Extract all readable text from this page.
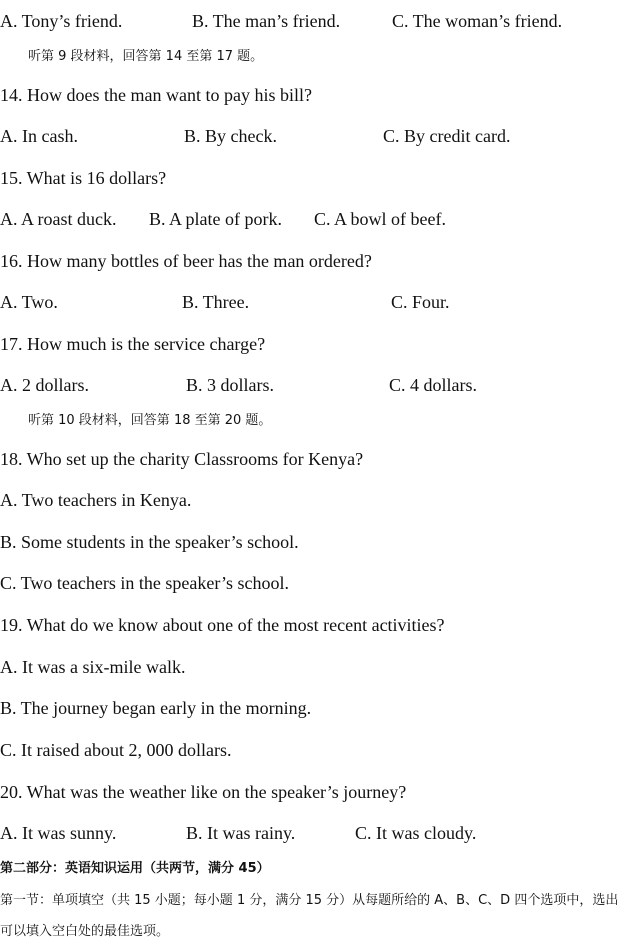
A. Tony’s friend.	B. The man’s friend.	C. The woman’s friend.
听第 9 段材料，回答第 14 至第 17 题。
14. How does the man want to pay his bill?
A. In cash.	B. By check.	C. By credit card.
15. What is 16 dollars?
A. A roast duck. B. A plate of pork. C. A bowl of beef.
16. How many bottles of beer has the man ordered?
A. Two.	B. Three.	C. Four.
17. How much is the service charge?
A. 2 dollars.	B. 3 dollars.	C. 4 dollars.
听第 10 段材料，回答第 18 至第 20 题。
18. Who set up the charity Classrooms for Kenya?
A. Two teachers in Kenya.
B. Some students in the speaker’s school.
C. Two teachers in the speaker’s school.
19. What do we know about one of the most recent activities?
A. It was a six-mile walk.
B. The journey began early in the morning.
C. It raised about 2, 000 dollars.
20. What was the weather like on the speaker’s journey?
A. It was sunny.	B. It was rainy.	C. It was cloudy.
第二部分：英语知识运用（共两节，满分 45）
第一节：单项填空（共 15 小题；每小题 1 分，满分 15 分）从每题所给的 A、B、C、D 四个选项中，选出
可以填入空白处的最佳选项。
